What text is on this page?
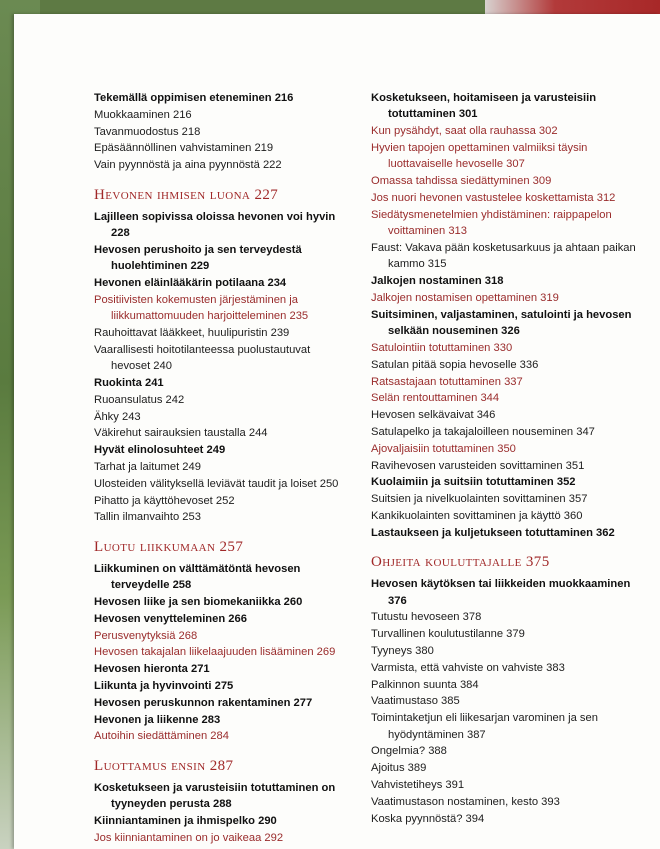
Tekemällä oppimisen eteneminen 216
Muokkaaminen 216
Tavanmuodostus 218
Epäsäännöllinen vahvistaminen 219
Vain pyynnöstä ja aina pyynnöstä 222
Hevonen ihmisen luona 227
Lajilleen sopivissa oloissa hevonen voi hyvin 228
Hevosen perushoito ja sen terveydestä huolehtiminen 229
Hevonen eläinlääkärin potilaana 234
Positiivisten kokemusten järjestäminen ja liikkumattomuuden harjoitteleminen 235
Rauhoittavat lääkkeet, huulipuristin 239
Vaarallisesti hoitotilanteessa puolustautuvat hevoset 240
Ruokinta 241
Ruoansulatus 242
Ähky 243
Väkirehut sairauksien taustalla 244
Hyvät elinolosuhteet 249
Tarhat ja laitumet 249
Ulosteiden välityksellä leviävät taudit ja loiset 250
Pihatto ja käyttöhevoset 252
Tallin ilmanvaihto 253
Luotu liikkumaan 257
Liikkuminen on välttämätöntä hevosen terveydelle 258
Hevosen liike ja sen biomekaniikka 260
Hevosen venytteleminen 266
Perusvenytyksiä 268
Hevosen takajalan liikelaajuuden lisääminen 269
Hevosen hieronta 271
Liikunta ja hyvinvointi 275
Hevosen peruskunnon rakentaminen 277
Hevonen ja liikenne 283
Autoihin siedättäminen 284
Luottamus ensin 287
Kosketukseen ja varusteisiin totuttaminen on tyyneyden perusta 288
Kiinniantaminen ja ihmispelko 290
Jos kiinniantaminen on jo vaikeaa 292
Kosketukseen, hoitamiseen ja varusteisiin totuttaminen 301
Kun pysähdyt, saat olla rauhassa 302
Hyvien tapojen opettaminen valmiiksi täysin luottavaiselle hevoselle 307
Omassa tahdissa siedättyminen 309
Jos nuori hevonen vastustelee koskettamista 312
Siedätysmenetelmien yhdistäminen: raippapelon voittaminen 313
Faust: Vakava pään kosketusarkuus ja ahtaan paikan kammo 315
Jalkojen nostaminen 318
Jalkojen nostamisen opettaminen 319
Suitsiminen, valjastaminen, satulointi ja hevosen selkään nouseminen 326
Satulointiin totuttaminen 330
Satulan pitää sopia hevoselle 336
Ratsastajaan totuttaminen 337
Selän rentouttaminen 344
Hevosen selkävaivat 346
Satulapelko ja takajaloilleen nouseminen 347
Ajovaljaisiin totuttaminen 350
Ravihevosen varusteiden sovittaminen 351
Kuolaimiin ja suitsiin totuttaminen 352
Suitsien ja nivelkuolainten sovittaminen 357
Kankikuolainten sovittaminen ja käyttö 360
Lastaukseen ja kuljetukseen totuttaminen 362
Ohjeita kouluttajalle 375
Hevosen käytöksen tai liikkeiden muokkaaminen 376
Tutustu hevoseen 378
Turvallinen koulutustilanne 379
Tyyneys 380
Varmista, että vahviste on vahviste 383
Palkinnon suunta 384
Vaatimustaso 385
Toimintaketjun eli liikesarjan varominen ja sen hyödyntäminen 387
Ongelmia? 388
Ajoitus 389
Vahvistetiheys 391
Vaatimustason nostaminen, kesto 393
Koska pyynnöstä? 394
